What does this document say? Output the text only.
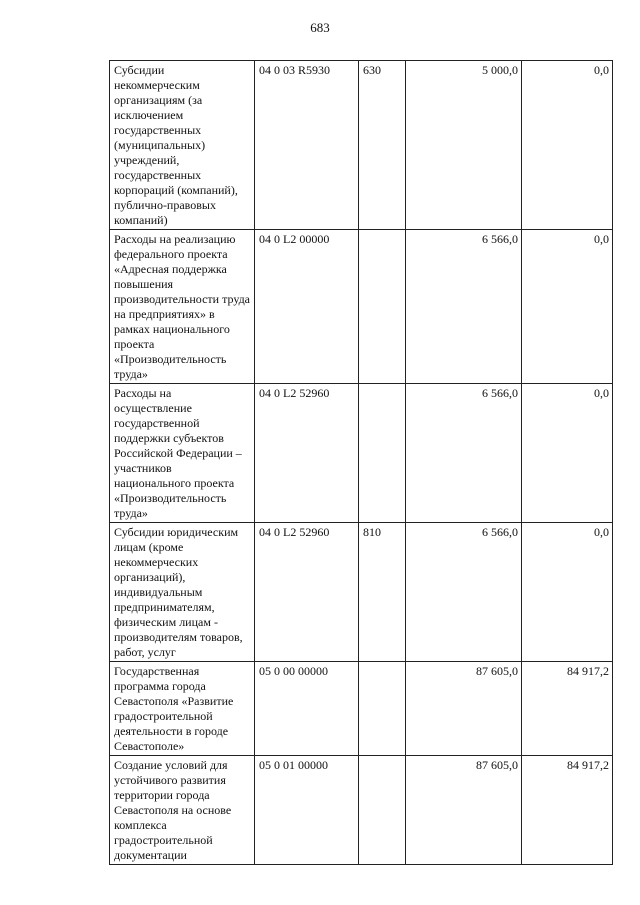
683
Субсидии некоммерческим организациям (за исключением государственных (муниципальных) учреждений, государственных корпораций (компаний), публично-правовых компаний)	04 0 03 R5930	630	5 000,0	0,0
Расходы на реализацию федерального проекта «Адресная поддержка повышения производительности труда на предприятиях» в рамках национального проекта «Производительность труда»	04 0 L2 00000		6 566,0	0,0
Расходы на осуществление государственной поддержки субъектов Российской Федерации – участников национального проекта «Производительность труда»	04 0 L2 52960		6 566,0	0,0
Субсидии юридическим лицам (кроме некоммерческих организаций), индивидуальным предпринимателям, физическим лицам - производителям товаров, работ, услуг	04 0 L2 52960	810	6 566,0	0,0
Государственная программа города Севастополя «Развитие градостроительной деятельности в городе Севастополе»	05 0 00 00000		87 605,0	84 917,2
Создание условий для устойчивого развития территории города Севастополя на основе комплекса градостроительной документации	05 0 01 00000		87 605,0	84 917,2
